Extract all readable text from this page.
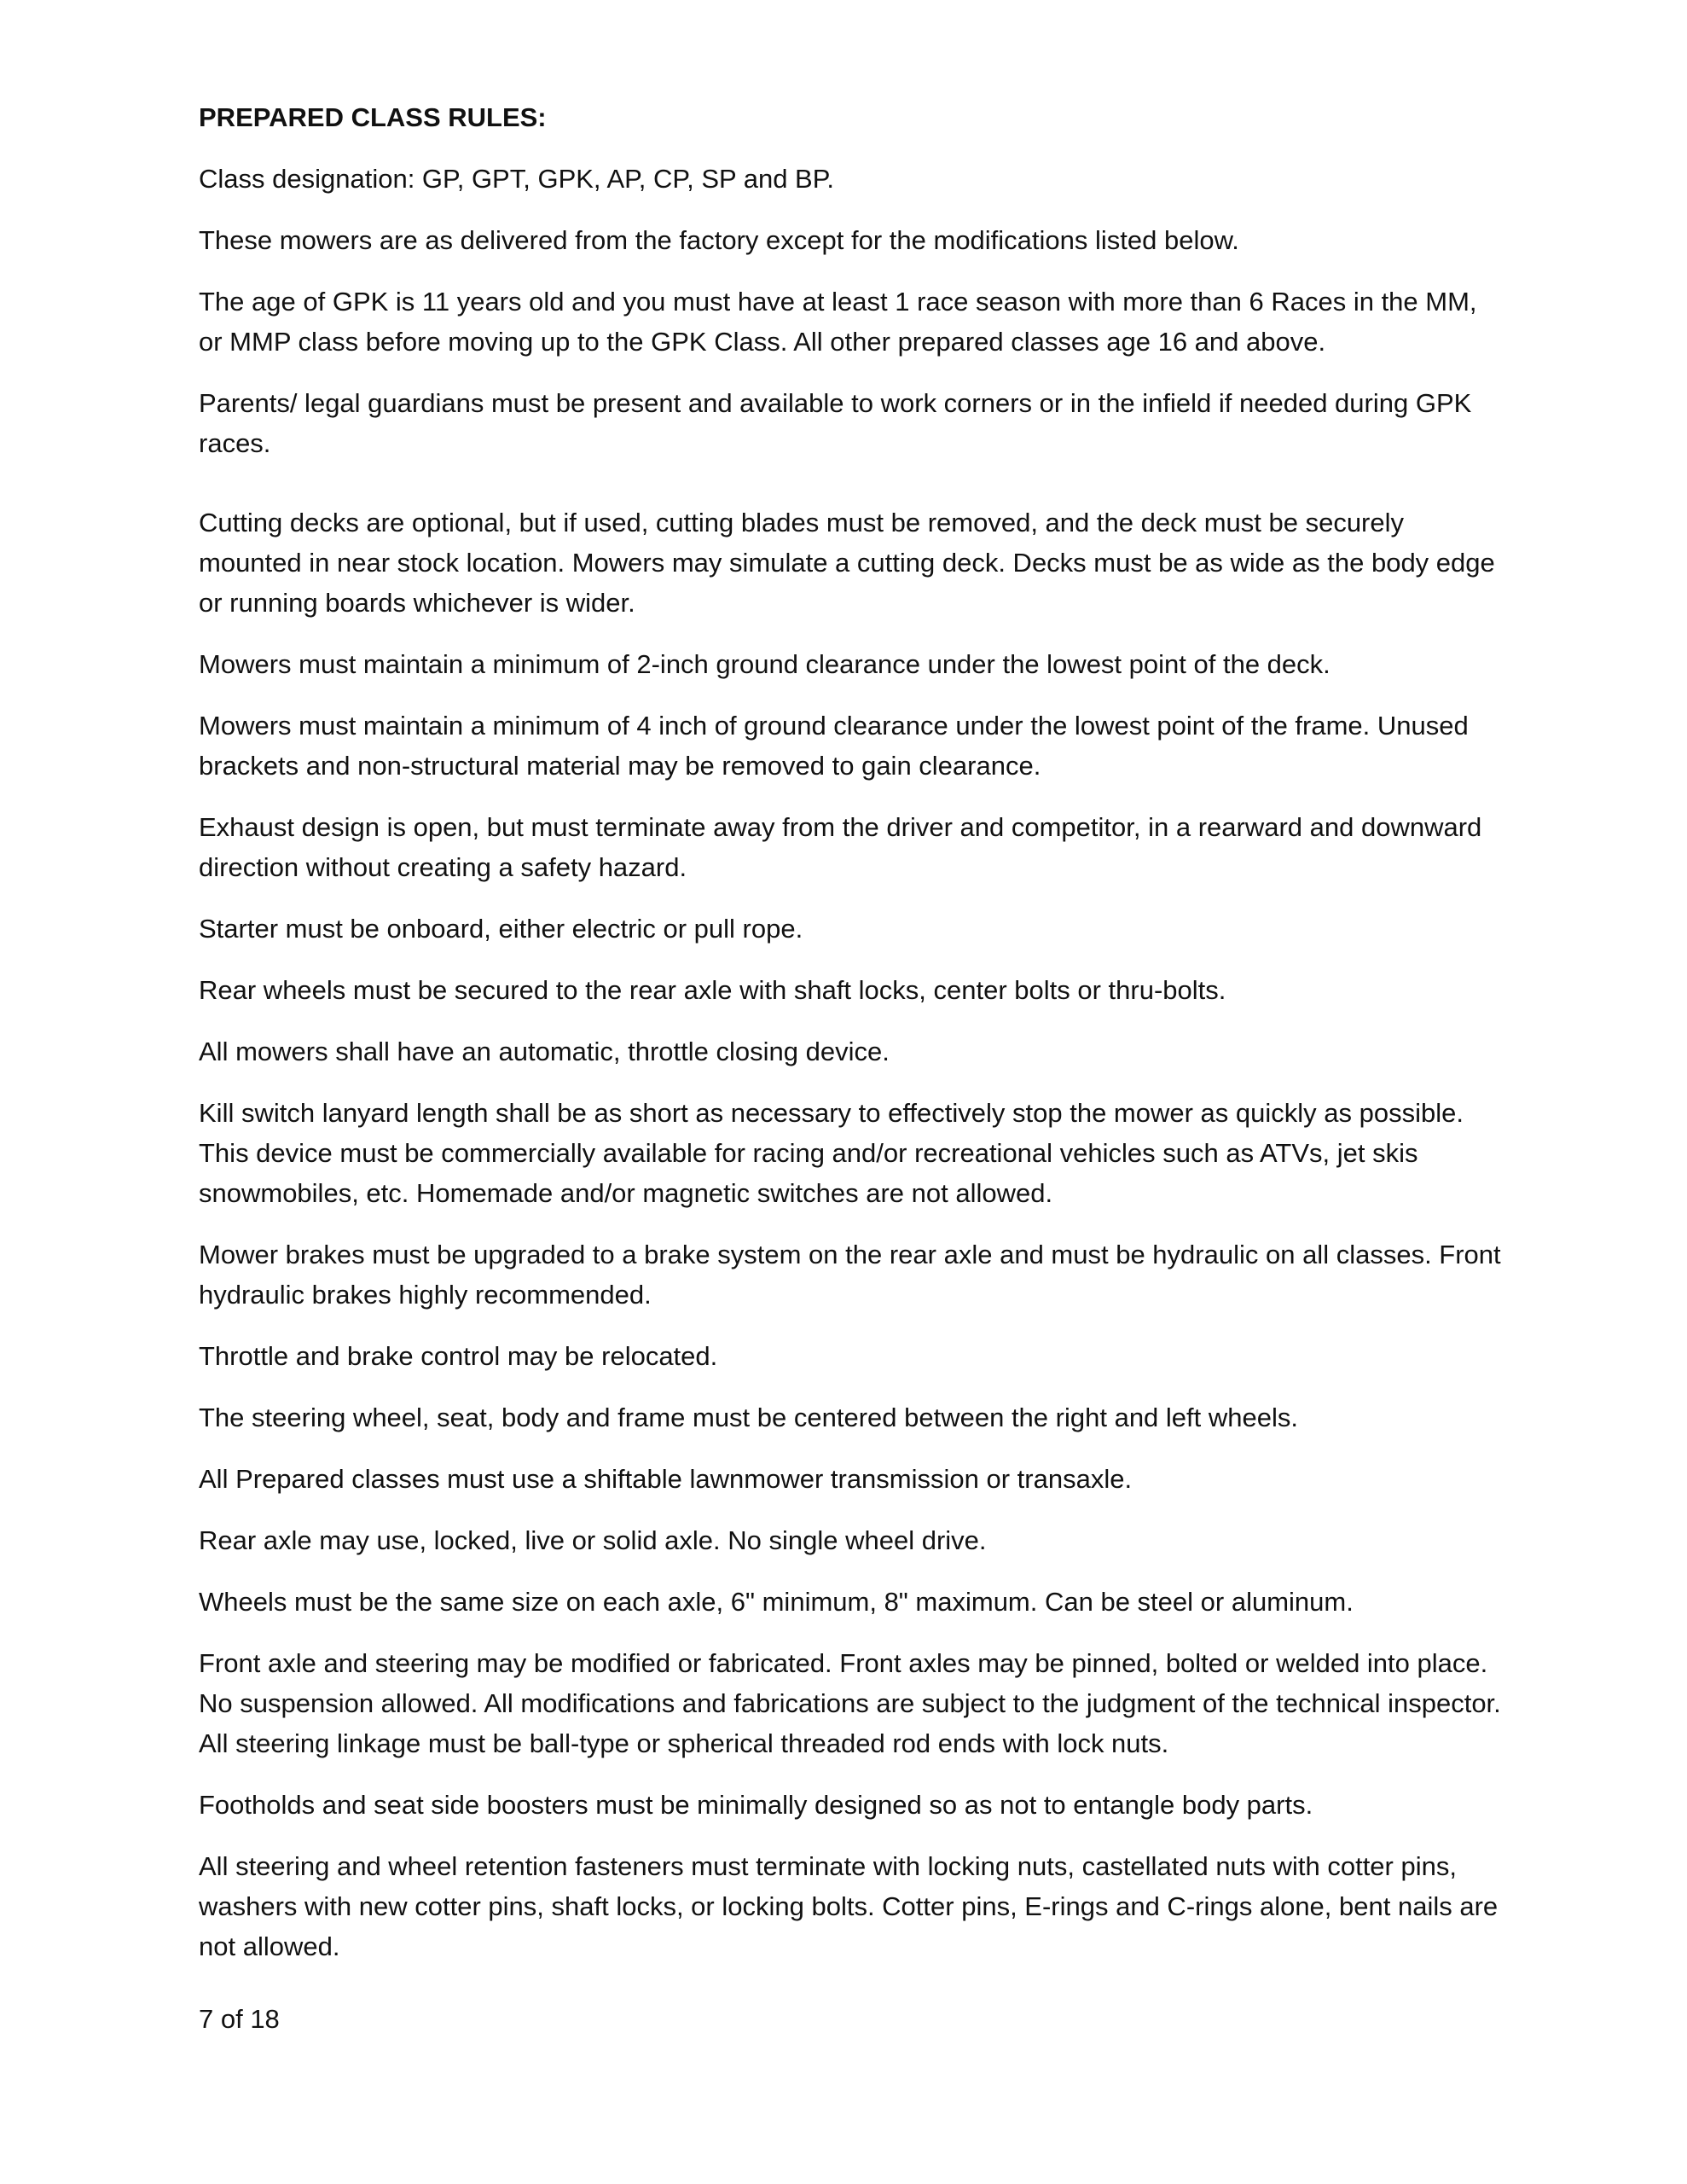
PREPARED CLASS RULES:

Class designation: GP, GPT, GPK, AP, CP, SP and BP.

These mowers are as delivered from the factory except for the modifications listed below.

The age of GPK is 11 years old and you must have at least 1 race season with more than 6 Races in the MM, or MMP class before moving up to the GPK Class. All other prepared classes age 16 and above.

Parents/ legal guardians must be present and available to work corners or in the infield if needed during GPK races.

Cutting decks are optional, but if used, cutting blades must be removed, and the deck must be securely mounted in near stock location. Mowers may simulate a cutting deck. Decks must be as wide as the body edge or running boards whichever is wider.

Mowers must maintain a minimum of 2-inch ground clearance under the lowest point of the deck.

Mowers must maintain a minimum of 4 inch of ground clearance under the lowest point of the frame. Unused brackets and non-structural material may be removed to gain clearance.

Exhaust design is open, but must terminate away from the driver and competitor, in a rearward and downward direction without creating a safety hazard.

Starter must be onboard, either electric or pull rope.

Rear wheels must be secured to the rear axle with shaft locks, center bolts or thru-bolts.

All mowers shall have an automatic, throttle closing device.

Kill switch lanyard length shall be as short as necessary to effectively stop the mower as quickly as possible. This device must be commercially available for racing and/or recreational vehicles such as ATVs, jet skis snowmobiles, etc. Homemade and/or magnetic switches are not allowed.

Mower brakes must be upgraded to a brake system on the rear axle and must be hydraulic on all classes. Front hydraulic brakes highly recommended.

Throttle and brake control may be relocated.

The steering wheel, seat, body and frame must be centered between the right and left wheels.

All Prepared classes must use a shiftable lawnmower transmission or transaxle.

Rear axle may use, locked, live or solid axle. No single wheel drive.

Wheels must be the same size on each axle, 6" minimum, 8" maximum. Can be steel or aluminum.

Front axle and steering may be modified or fabricated. Front axles may be pinned, bolted or welded into place. No suspension allowed. All modifications and fabrications are subject to the judgment of the technical inspector. All steering linkage must be ball-type or spherical threaded rod ends with lock nuts.

Footholds and seat side boosters must be minimally designed so as not to entangle body parts.

All steering and wheel retention fasteners must terminate with locking nuts, castellated nuts with cotter pins, washers with new cotter pins, shaft locks, or locking bolts. Cotter pins, E-rings and C-rings alone, bent nails are not allowed.

7 of 18
